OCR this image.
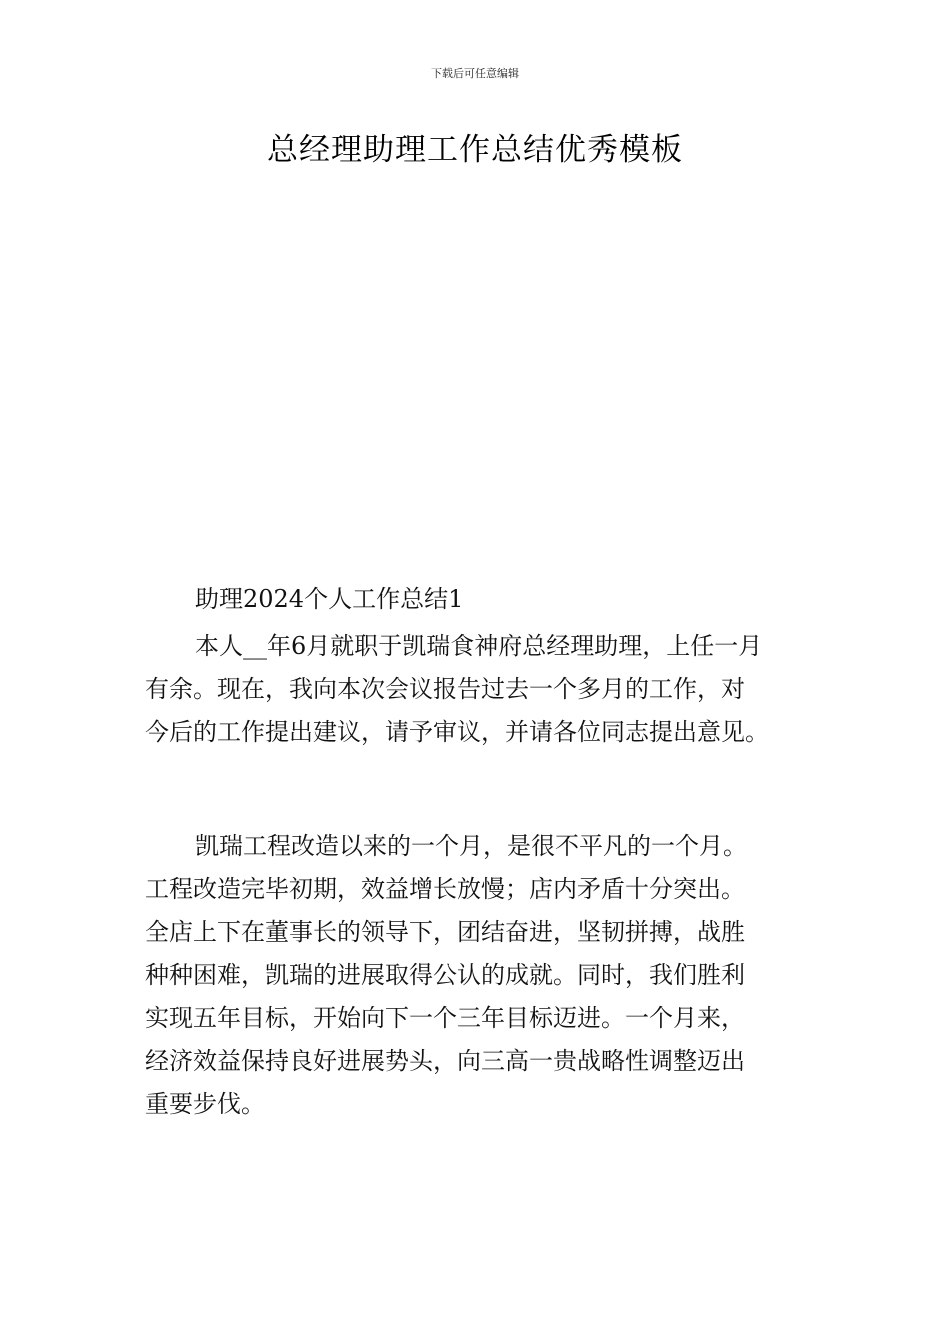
下载后可任意编辑
总经理助理工作总结优秀模板

助理2024个人工作总结1

本人__年6月就职于凯瑞食神府总经理助理，上任一月
有余。现在，我向本次会议报告过去一个多月的工作，对
今后的工作提出建议，请予审议，并请各位同志提出意见。

凯瑞工程改造以来的一个月，是很不平凡的一个月。
工程改造完毕初期，效益增长放慢；店内矛盾十分突出。
全店上下在董事长的领导下，团结奋进，坚韧拼搏，战胜
种种困难，凯瑞的进展取得公认的成就。同时，我们胜利
实现五年目标，开始向下一个三年目标迈进。一个月来，
经济效益保持良好进展势头，向三高一贵战略性调整迈出
重要步伐。
